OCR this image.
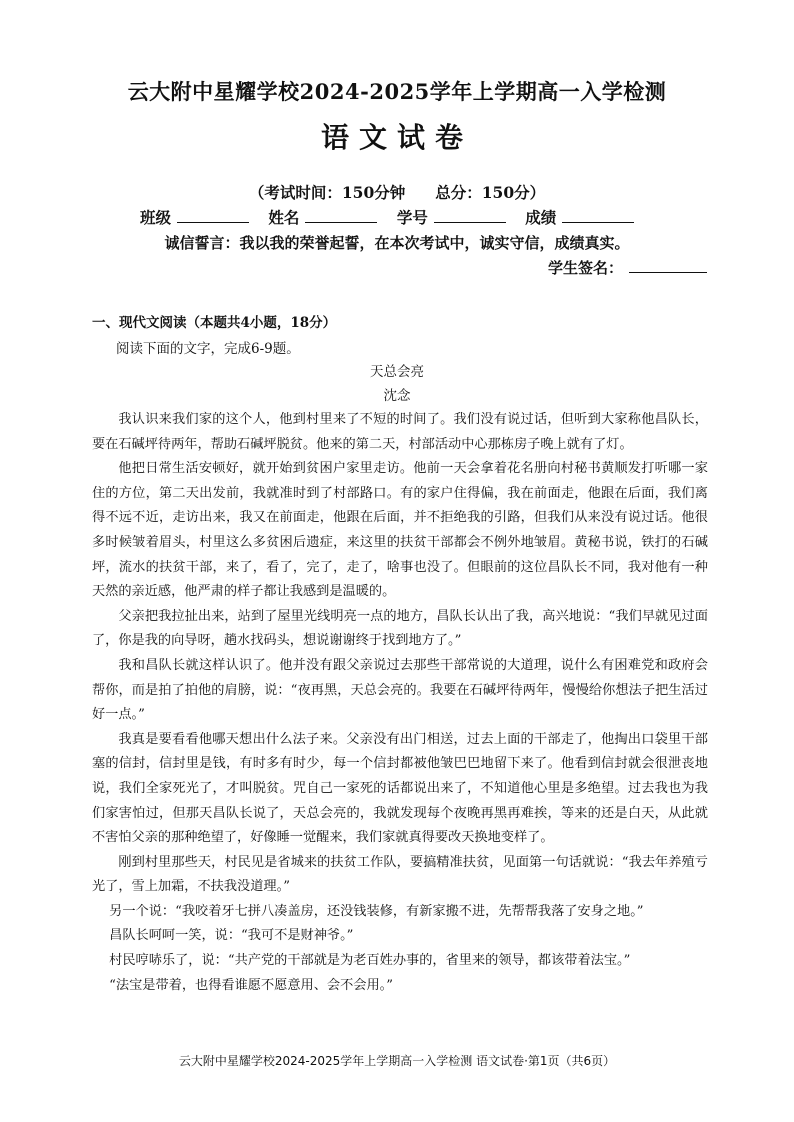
云大附中星耀学校2024-2025学年上学期高一入学检测
语文试卷
（考试时间：150分钟 总分：150分）
班级	姓名	学号	成绩
诚信誓言：我以我的荣誉起誓，在本次考试中，诚实守信，成绩真实。
学生签名：
一、现代文阅读（本题共4小题，18分）
阅读下面的文字，完成6-9题。
天总会亮
沈念

我认识来我们家的这个人，他到村里来了不短的时间了。我们没有说过话，但听到大家称他昌队长，要在石碱坪待两年，帮助石碱坪脱贫。他来的第二天，村部活动中心那栋房子晚上就有了灯。

他把日常生活安顿好，就开始到贫困户家里走访。他前一天会拿着花名册向村秘书黄顺发打听哪一家住的方位，第二天出发前，我就准时到了村部路口。有的家户住得偏，我在前面走，他跟在后面，我们离得不远不近，走访出来，我又在前面走，他跟在后面，并不拒绝我的引路，但我们从来没有说过话。他很多时候皱着眉头，村里这么多贫困后遗症，来这里的扶贫干部都会不例外地皱眉。黄秘书说，铁打的石碱坪，流水的扶贫干部，来了，看了，完了，走了，啥事也没了。但眼前的这位昌队长不同，我对他有一种天然的亲近感，他严肃的样子都让我感到是温暖的。

父亲把我拉扯出来，站到了屋里光线明亮一点的地方，昌队长认出了我，高兴地说：“我们早就见过面了，你是我的向导呀，趟水找码头，想说谢谢终于找到地方了。”

我和昌队长就这样认识了。他并没有跟父亲说过去那些干部常说的大道理，说什么有困难党和政府会帮你，而是拍了拍他的肩膀，说：“夜再黑，天总会亮的。我要在石碱坪待两年，慢慢给你想法子把生活过好一点。”

我真是要看看他哪天想出什么法子来。父亲没有出门相送，过去上面的干部走了，他掏出口袋里干部塞的信封，信封里是钱，有时多有时少，每一个信封都被他皱巴巴地留下来了。他看到信封就会很泄丧地说，我们全家死光了，才叫脱贫。咒自己一家死的话都说出来了，不知道他心里是多绝望。过去我也为我们家害怕过，但那天昌队长说了，天总会亮的，我就发现每个夜晚再黑再难挨，等来的还是白天，从此就不害怕父亲的那种绝望了，好像睡一觉醒来，我们家就真得要改天换地变样了。

刚到村里那些天，村民见是省城来的扶贫工作队，要搞精准扶贫，见面第一句话就说：“我去年养殖亏光了，雪上加霜，不扶我没道理。”

另一个说：“我咬着牙七拼八凑盖房，还没钱装修，有新家搬不进，先帮帮我落了安身之地。”

昌队长呵呵一笑，说：“我可不是财神爷。”

村民哼哧乐了，说：“共产党的干部就是为老百姓办事的，省里来的领导，都该带着法宝。”

“法宝是带着，也得看谁愿不愿意用、会不会用。”

云大附中星耀学校2024-2025学年上学期高一入学检测 语文试卷·第1页（共6页）
